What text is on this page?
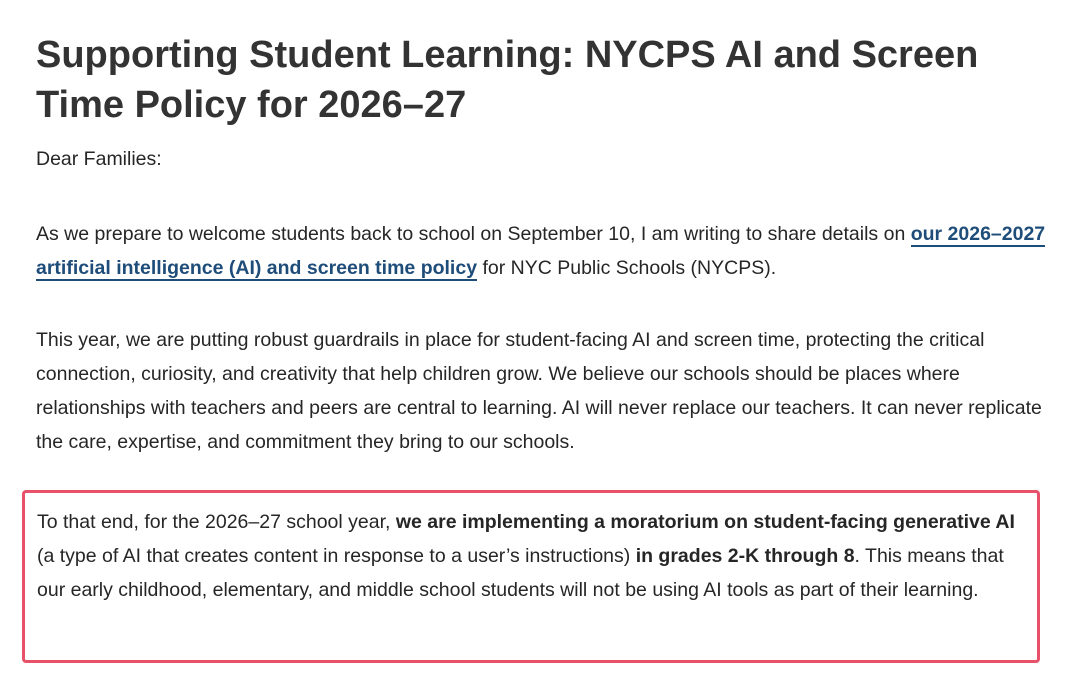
Supporting Student Learning: NYCPS AI and Screen Time Policy for 2026–27

Dear Families:

As we prepare to welcome students back to school on September 10, I am writing to share details on our 2026–2027 artificial intelligence (AI) and screen time policy for NYC Public Schools (NYCPS).

This year, we are putting robust guardrails in place for student-facing AI and screen time, protecting the critical connection, curiosity, and creativity that help children grow. We believe our schools should be places where relationships with teachers and peers are central to learning. AI will never replace our teachers. It can never replicate the care, expertise, and commitment they bring to our schools.

To that end, for the 2026–27 school year, we are implementing a moratorium on student-facing generative AI (a type of AI that creates content in response to a user’s instructions) in grades 2-K through 8. This means that our early childhood, elementary, and middle school students will not be using AI tools as part of their learning.
